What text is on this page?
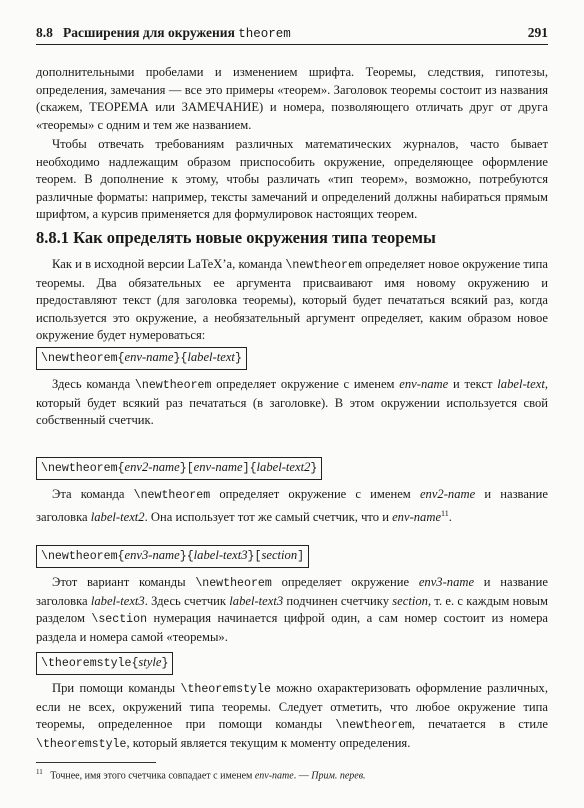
8.8 Расширения для окружения theorem	291

дополнительными пробелами и изменением шрифта. Теоремы, следствия, гипотезы, определения, замечания — все это примеры «теорем». Заголовок теоремы состоит из названия (скажем, ТЕОРЕМА или ЗАМЕЧАНИЕ) и номера, позволяющего отличать друг от друга «теоремы» с одним и тем же названием.

Чтобы отвечать требованиям различных математических журналов, часто бывает необходимо надлежащим образом приспособить окружение, определяющее оформление теорем. В дополнение к этому, чтобы различать «тип теорем», возможно, потребуются различные форматы: например, тексты замечаний и определений должны набираться прямым шрифтом, а курсив применяется для формулировок настоящих теорем.

8.8.1 Как определять новые окружения типа теоремы

Как и в исходной версии LaTeX’а, команда \newtheorem определяет новое окружение типа теоремы. Два обязательных ее аргумента присваивают имя новому окружению и предоставляют текст (для заголовка теоремы), который будет печататься всякий раз, когда используется это окружение, а необязательный аргумент определяет, каким образом новое окружение будет нумероваться:

\newtheorem{env-name}{label-text}

Здесь команда \newtheorem определяет окружение с именем env-name и текст label-text, который будет всякий раз печататься (в заголовке). В этом окружении используется свой собственный счетчик.

\newtheorem{env2-name}[env-name]{label-text2}

Эта команда \newtheorem определяет окружение с именем env2-name и название заголовка label-text2. Она использует тот же самый счетчик, что и env-name$^{11}$.

\newtheorem{env3-name}{label-text3}[section]

Этот вариант команды \newtheorem определяет окружение env3-name и название заголовка label-text3. Здесь счетчик label-text3 подчинен счетчику section, т. е. с каждым новым разделом \section нумерация начинается цифрой один, а сам номер состоит из номера раздела и номера самой «теоремы».

\theoremstyle{style}

При помощи команды \theoremstyle можно охарактеризовать оформление различных, если не всех, окружений типа теоремы. Следует отметить, что любое окружение типа теоремы, определенное при помощи команды \newtheorem, печатается в стиле \theoremstyle, который является текущим к моменту определения.

$^{11}$ Точнее, имя этого счетчика совпадает с именем env-name. — Прим. перев.
